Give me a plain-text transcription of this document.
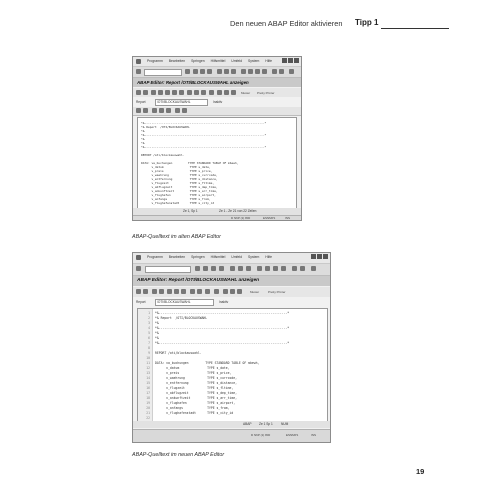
Den neuen ABAP Editor aktivieren Tipp 1
Programm Bearbeiten Springen Hilfsmittel Umfeld System Hilfe
ABAP Editor: Report /OTI/BLOCKAUSWAHL anzeigen
Muster Pretty Printer
Report	/OTI/BLOCKAUSWAHL	Inaktiv
*&---------------------------------------------------------------------*
*& Report  /OTI/BLOCKAUSWAHL
*&
*&---------------------------------------------------------------------*
*&
*&
*&---------------------------------------------------------------------*
REPORT /oti/blockauswahl.
DATA: va_buchungen         TYPE STANDARD TABLE OF mbewh,
v_datum               TYPE s_date,
v_preis               TYPE s_price,
v_waehrung            TYPE s_currcode,
v_entfernung          TYPE s_distance,
v_flugzeit            TYPE s_fltime,
v_abflugzeit          TYPE s_dep_time,
v_ankunftzeit         TYPE s_arr_time,
v_flughafen           TYPE s_airport,
v_anfangs             TYPE s_from,
v_flughafenstadt      TYPE s_city_id
Ze 1, Sp 1	Ze 1 - Ze 21 von 22 Zeilen
D N6P (1) 800	ESNMP1	INS
ABAP-Quelltext im alten ABAP Editor
Programm Bearbeiten Springen Hilfsmittel Umfeld System Hilfe
ABAP Editor: Report /OTI/BLOCKAUSWAHL anzeigen
Muster	Pretty Printer
Report	/OTI/BLOCKAUSWAHL	Inaktiv
1 *&---------------------------------------------------------------------*
2 *& Report  /OTI/BLOCKAUSWAHL
3 *&
4 *&---------------------------------------------------------------------*
5 *&
6 *&
7 *&---------------------------------------------------------------------*
8
9 REPORT /oti/blockauswahl.
10
11 DATA: va_buchungen         TYPE STANDARD TABLE OF mbewh,
12 v_datum               TYPE s_date,
13 v_preis               TYPE s_price,
14 v_waehrung            TYPE s_currcode,
15 v_entfernung          TYPE s_distance,
16 v_flugzeit            TYPE s_fltime,
17 v_abflugzeit          TYPE s_dep_time,
18 v_ankunftzeit         TYPE s_arr_time,
19 v_flughafen           TYPE s_airport,
20 v_anfangs             TYPE s_from,
21 v_flughafenstadt      TYPE s_city_id
22
ABAP Ze 1 Sp 1	NUM
D N6P (1) 800	ESNMP1	INS
ABAP-Quelltext im neuen ABAP Editor
19
